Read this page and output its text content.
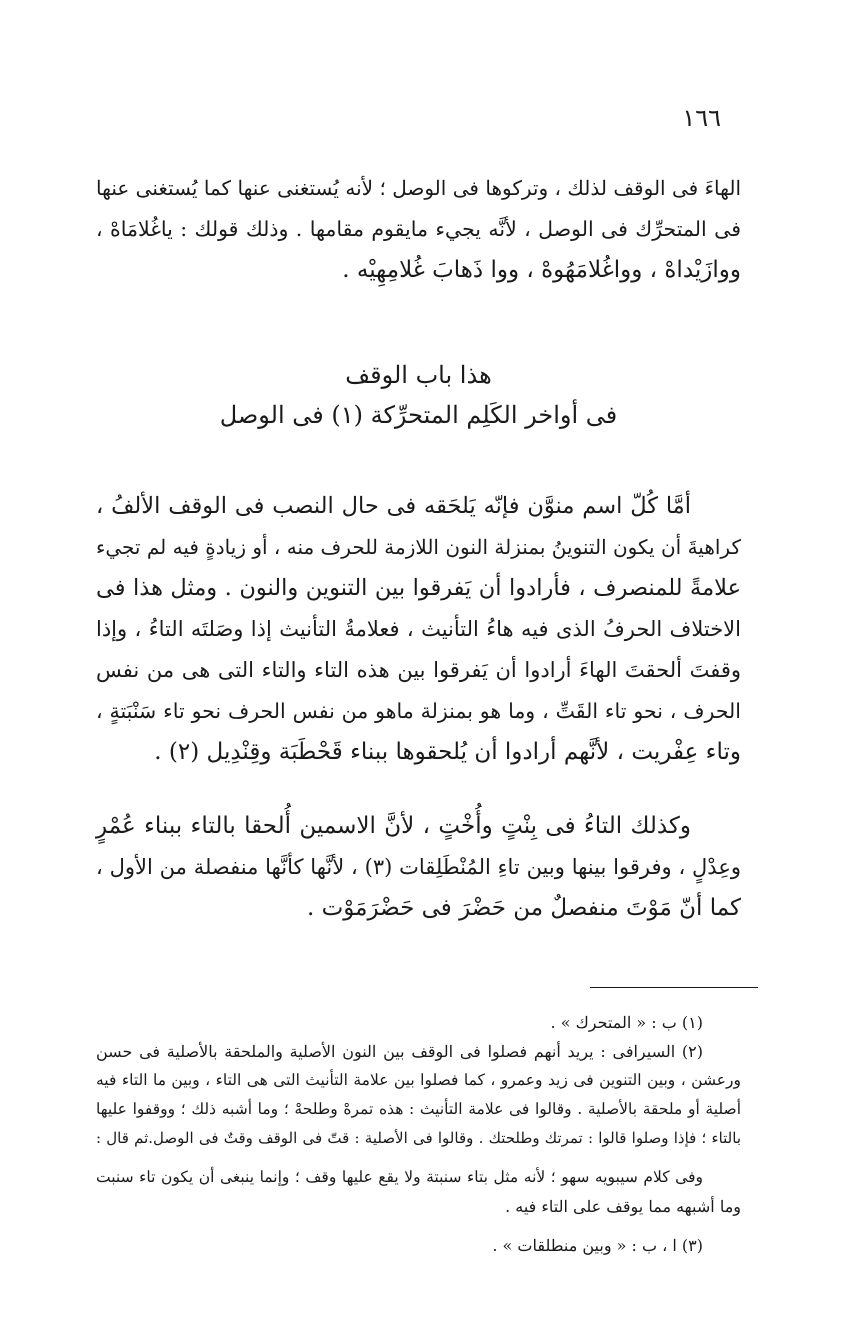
١٦٦
الهاءَ فى الوقف لذلك ، وتركوها فى الوصل ؛ لأنه يُستغنى عنها كما يُستغنى عنها
فى المتحرِّك فى الوصل ، لأنَّه يجيء مايقوم مقامها . وذلك قولك : ياغُلامَاهْ ،
ووازَيْداهْ ، وواغُلامَهُوهْ ، ووا ذَهابَ غُلامِهِيْه .
هذا باب الوقف
فى أواخر الكَلِم المتحرِّكة (١) فى الوصل
أمَّا كُلّ اسم منوَّن فإنّه يَلحَقه فى حال النصب فى الوقف الألفُ ،
كراهيةَ أن يكون التنوينُ بمنزلة النون اللازمة للحرف منه ، أو زيادةٍ فيه لم تجيء
علامةً للمنصرف ، فأرادوا أن يَفرقوا بين التنوين والنون . ومثل هذا فى
الاختلاف الحرفُ الذى فيه هاءُ التأنيث ، فعلامةُ التأنيث إذا وصَلتَه التاءُ ، وإذا
وقفتَ ألحقتَ الهاءَ أرادوا أن يَفرقوا بين هذه التاء والتاء التى هى من نفس
الحرف ، نحو تاء القَتِّ ، وما هو بمنزلة ماهو من نفس الحرف نحو تاء سَنْبَتةٍ ،
وتاء عِفْريت ، لأنَّهم أرادوا أن يُلحقوها ببناء قَحْطَبَة وقِنْدِيل (٢) .
وكذلك التاءُ فى بِنْتٍ وأُخْتٍ ، لأنَّ الاسمين أُلحقا بالتاء ببناء عُمْرٍ
وعِدْلٍ ، وفرقوا بينها وبين تاءِ المُنْطَلِقات (٣) ، لأنَّها كأنَّها منفصلة من الأول ،
كما أنّ مَوْتَ منفصلٌ من حَضْرَ فى حَضْرَمَوْت .
(١) ب : « المتحرك » .
(٢) السيرافى : يريد أنهم فصلوا فى الوقف بين النون الأصلية والملحقة بالأصلية فى حسن
ورعشن ، وبين التنوين فى زيد وعمرو ، كما فصلوا بين علامة التأنيث التى هى التاء ، وبين ما التاء فيه
أصلية أو ملحقة بالأصلية . وقالوا فى علامة التأنيث : هذه تمرهْ وطلحهْ ؛ وما أشبه ذلك ؛ ووقفوا عليها
بالتاء ؛ فإذا وصلوا قالوا : تمرتك وطلحتك . وقالوا فى الأصلية : قتّ فى الوقف وقتٌ فى الوصل.ثم قال :
وفى كلام سيبويه سهو ؛ لأنه مثل بتاء سنبتة ولا يقع عليها وقف ؛ وإنما ينبغى أن يكون تاء سنبت
وما أشبهه مما يوقف على التاء فيه .
(٣) ا ، ب : « وبين منطلقات » .
